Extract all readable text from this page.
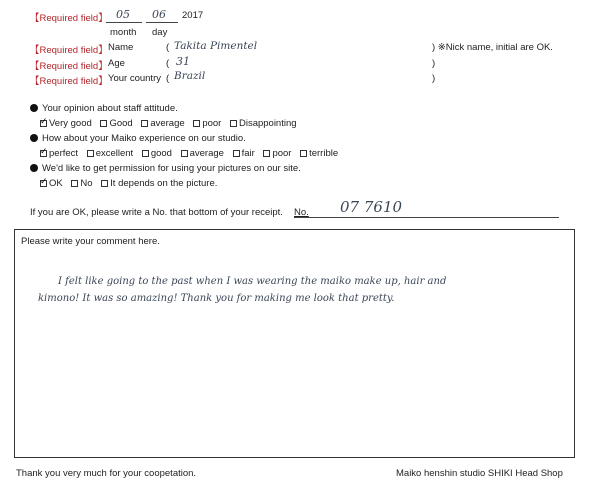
【Required field】 05 06 2017
month day
【Required field】 Name	( Takita Pimentel	) ※Nick name, initial are OK.
【Required field】 Age	( 31	)
【Required field】 Your country ( Brazil	)
Your opinion about staff attitude.
✓Very good Good average poor Disappointing
How about your Maiko experience on our studio.
✓perfect excellent good average fair poor terrible
We'd like to get permission for using your pictures on our site.
✓OK No It depends on the picture.
If you are OK, please write a No. that bottom of your receipt. No. 07 7610
Please write your comment here.
I felt like going to the past when I was wearing the maiko make up, hair and
kimono! It was so amazing! Thank you for making me look that pretty.
Thank you very much for your coopetation.	Maiko henshin studio SHIKI Head Shop
